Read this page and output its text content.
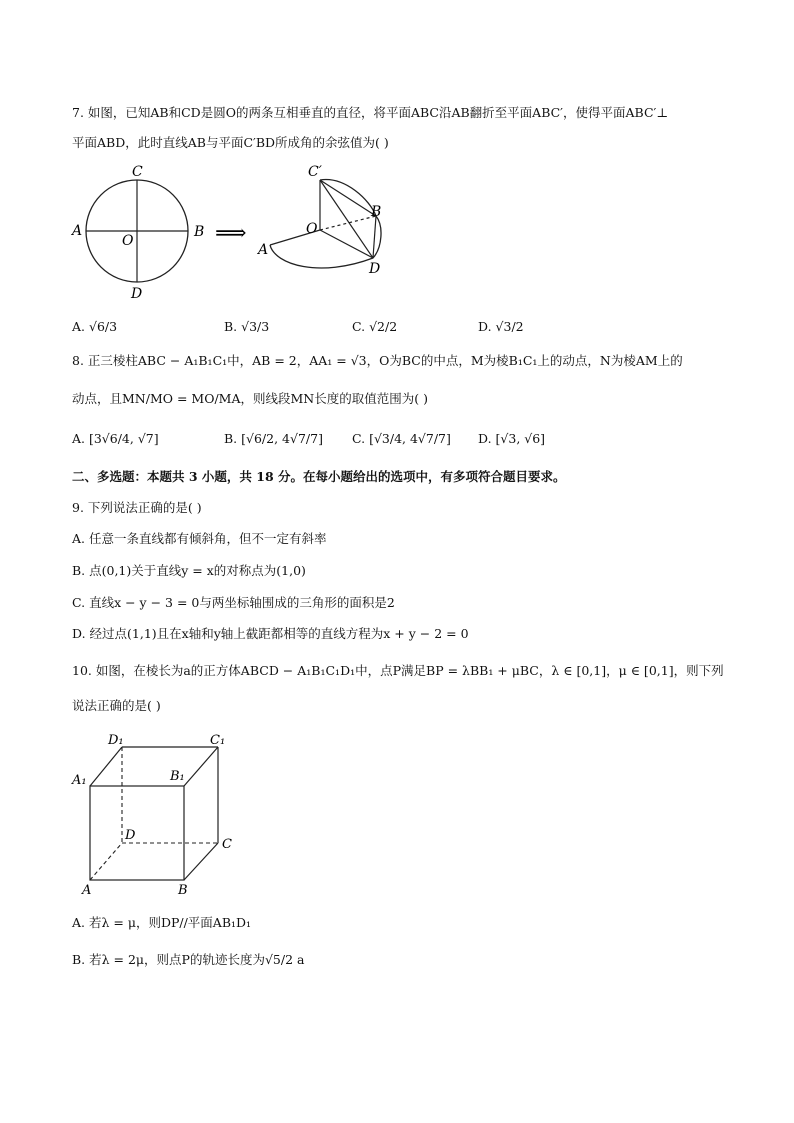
7. 如图，已知AB和CD是圆O的两条互相垂直的直径，将平面ABC沿AB翻折至平面ABC′，使得平面ABC′⊥
平面ABD，此时直线AB与平面C′BD所成角的余弦值为( )
C
A
O
B
D
⟹
C′
B
O
A
D
A. √6/3	B. √3/3	C. √2/2	D. √3/2
8. 正三棱柱ABC − A₁B₁C₁中，AB = 2，AA₁ = √3，O为BC的中点，M为棱B₁C₁上的动点，N为棱AM上的
动点，且MN/MO = MO/MA，则线段MN长度的取值范围为( )
A. [3√6/4, √7]	B. [√6/2, 4√7/7] C. [√3/4, 4√7/7] D. [√3, √6]
二、多选题：本题共 3 小题，共 18 分。在每小题给出的选项中，有多项符合题目要求。
9. 下列说法正确的是( )
A. 任意一条直线都有倾斜角，但不一定有斜率
B. 点(0,1)关于直线y = x的对称点为(1,0)
C. 直线x − y − 3 = 0与两坐标轴围成的三角形的面积是2
D. 经过点(1,1)且在x轴和y轴上截距都相等的直线方程为x + y − 2 = 0
10. 如图，在棱长为a的正方体ABCD − A₁B₁C₁D₁中，点P满足BP = λBB₁ + μBC，λ ∈ [0,1]，μ ∈ [0,1]，则下列
说法正确的是( )
D₁	C₁
A₁	B₁
D
C
A	B
A. 若λ = μ，则DP//平面AB₁D₁
B. 若λ = 2μ，则点P的轨迹长度为√5/2 a
